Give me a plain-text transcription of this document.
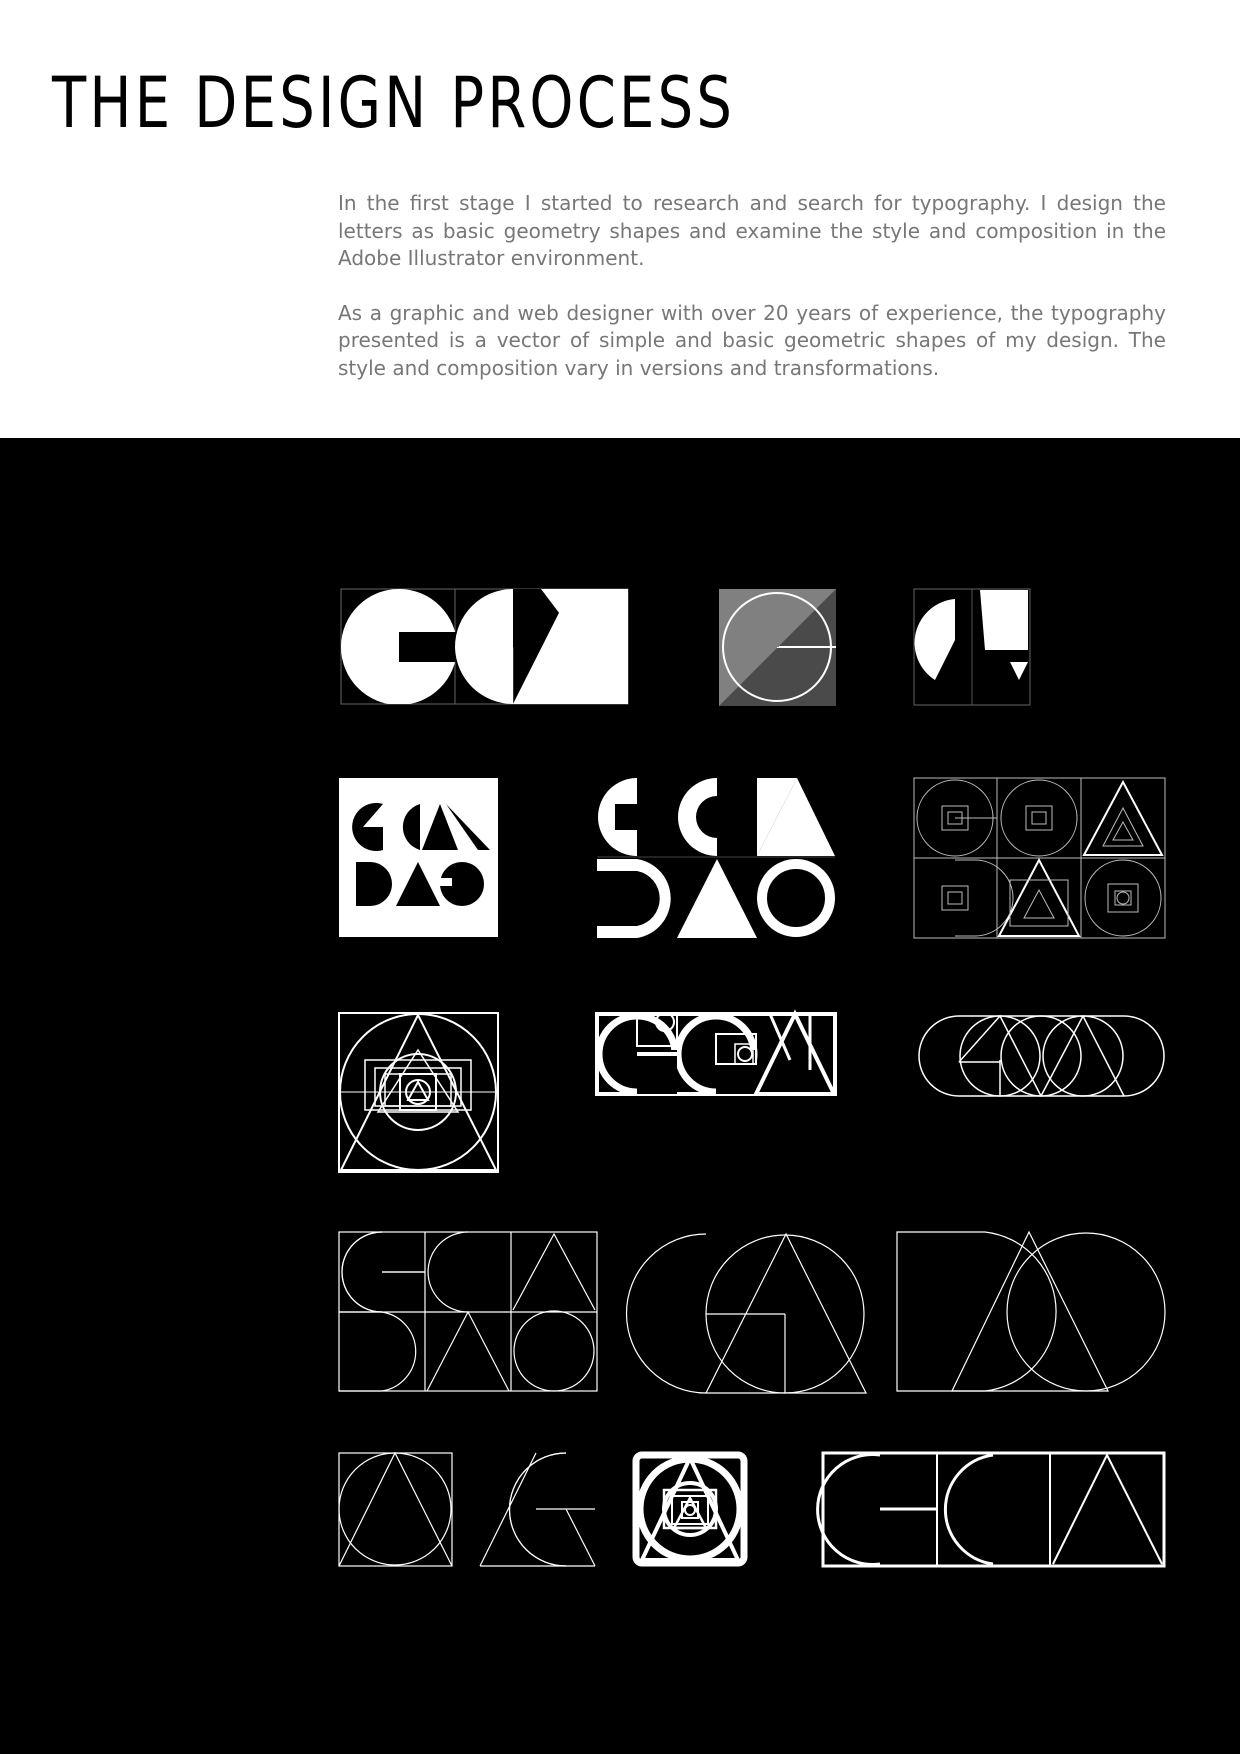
THE DESIGN PROCESS

In the first stage I started to research and search for typography. I design the letters as basic geometry shapes and examine the style and composition in the Adobe Illustrator environment.

As a graphic and web designer with over 20 years of experience, the typography presented is a vector of simple and basic geometric shapes of my design. The style and composition vary in versions and transformations.
